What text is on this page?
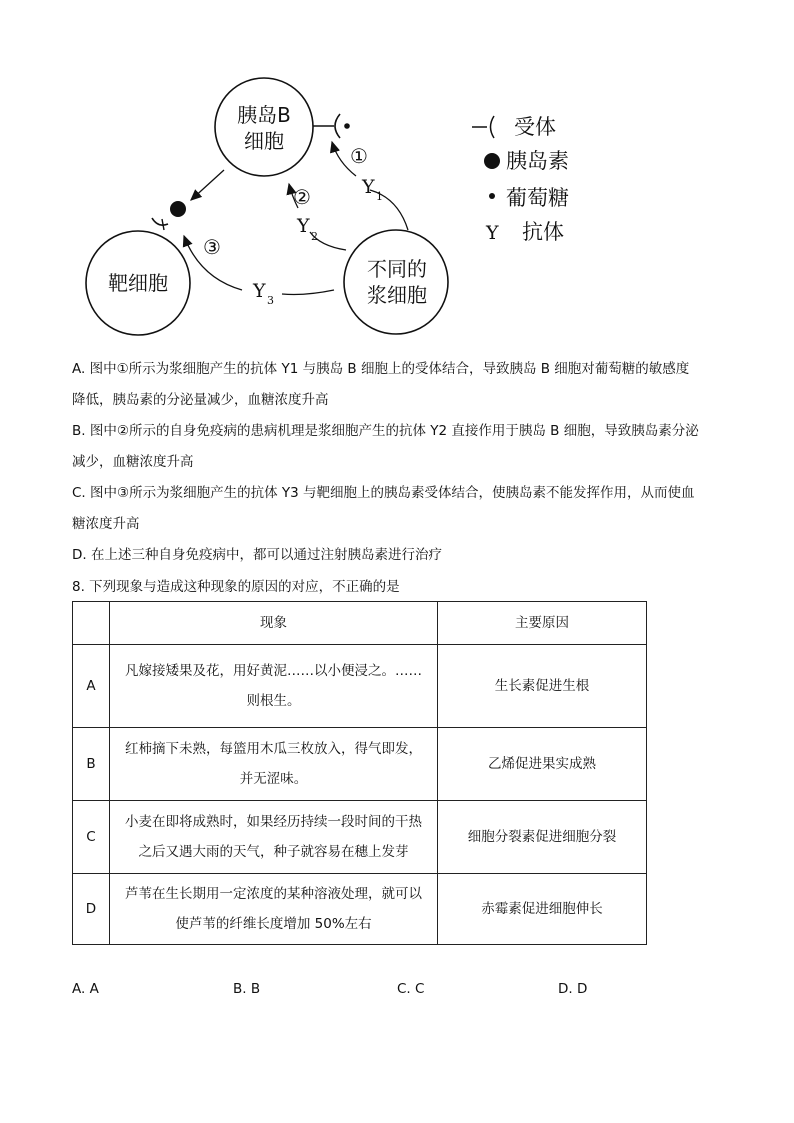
胰岛B
细胞
靶细胞
不同的
浆细胞
①
②
③
Y 1
Y 2
Y 3
受体
胰岛素
葡萄糖
Y 抗体
A. 图中①所示为浆细胞产生的抗体 Y1 与胰岛 B 细胞上的受体结合，导致胰岛 B 细胞对葡萄糖的敏感度
降低，胰岛素的分泌量减少，血糖浓度升高
B. 图中②所示的自身免疫病的患病机理是浆细胞产生的抗体 Y2 直接作用于胰岛 B 细胞，导致胰岛素分泌
减少，血糖浓度升高
C. 图中③所示为浆细胞产生的抗体 Y3 与靶细胞上的胰岛素受体结合，使胰岛素不能发挥作用，从而使血
糖浓度升高
D. 在上述三种自身免疫病中，都可以通过注射胰岛素进行治疗
8. 下列现象与造成这种现象的原因的对应，不正确的是
	现象	主要原因
A	凡嫁接矮果及花，用好黄泥……以小便浸之。……
则根生。	生长素促进生根
B	红柿摘下未熟，每篮用木瓜三枚放入，得气即发，
并无涩味。	乙烯促进果实成熟
C	小麦在即将成熟时，如果经历持续一段时间的干热
之后又遇大雨的天气，种子就容易在穗上发芽	细胞分裂素促进细胞分裂
D	芦苇在生长期用一定浓度的某种溶液处理，就可以
使芦苇的纤维长度增加 50%左右	赤霉素促进细胞伸长
A. A	B. B	C. C	D. D
